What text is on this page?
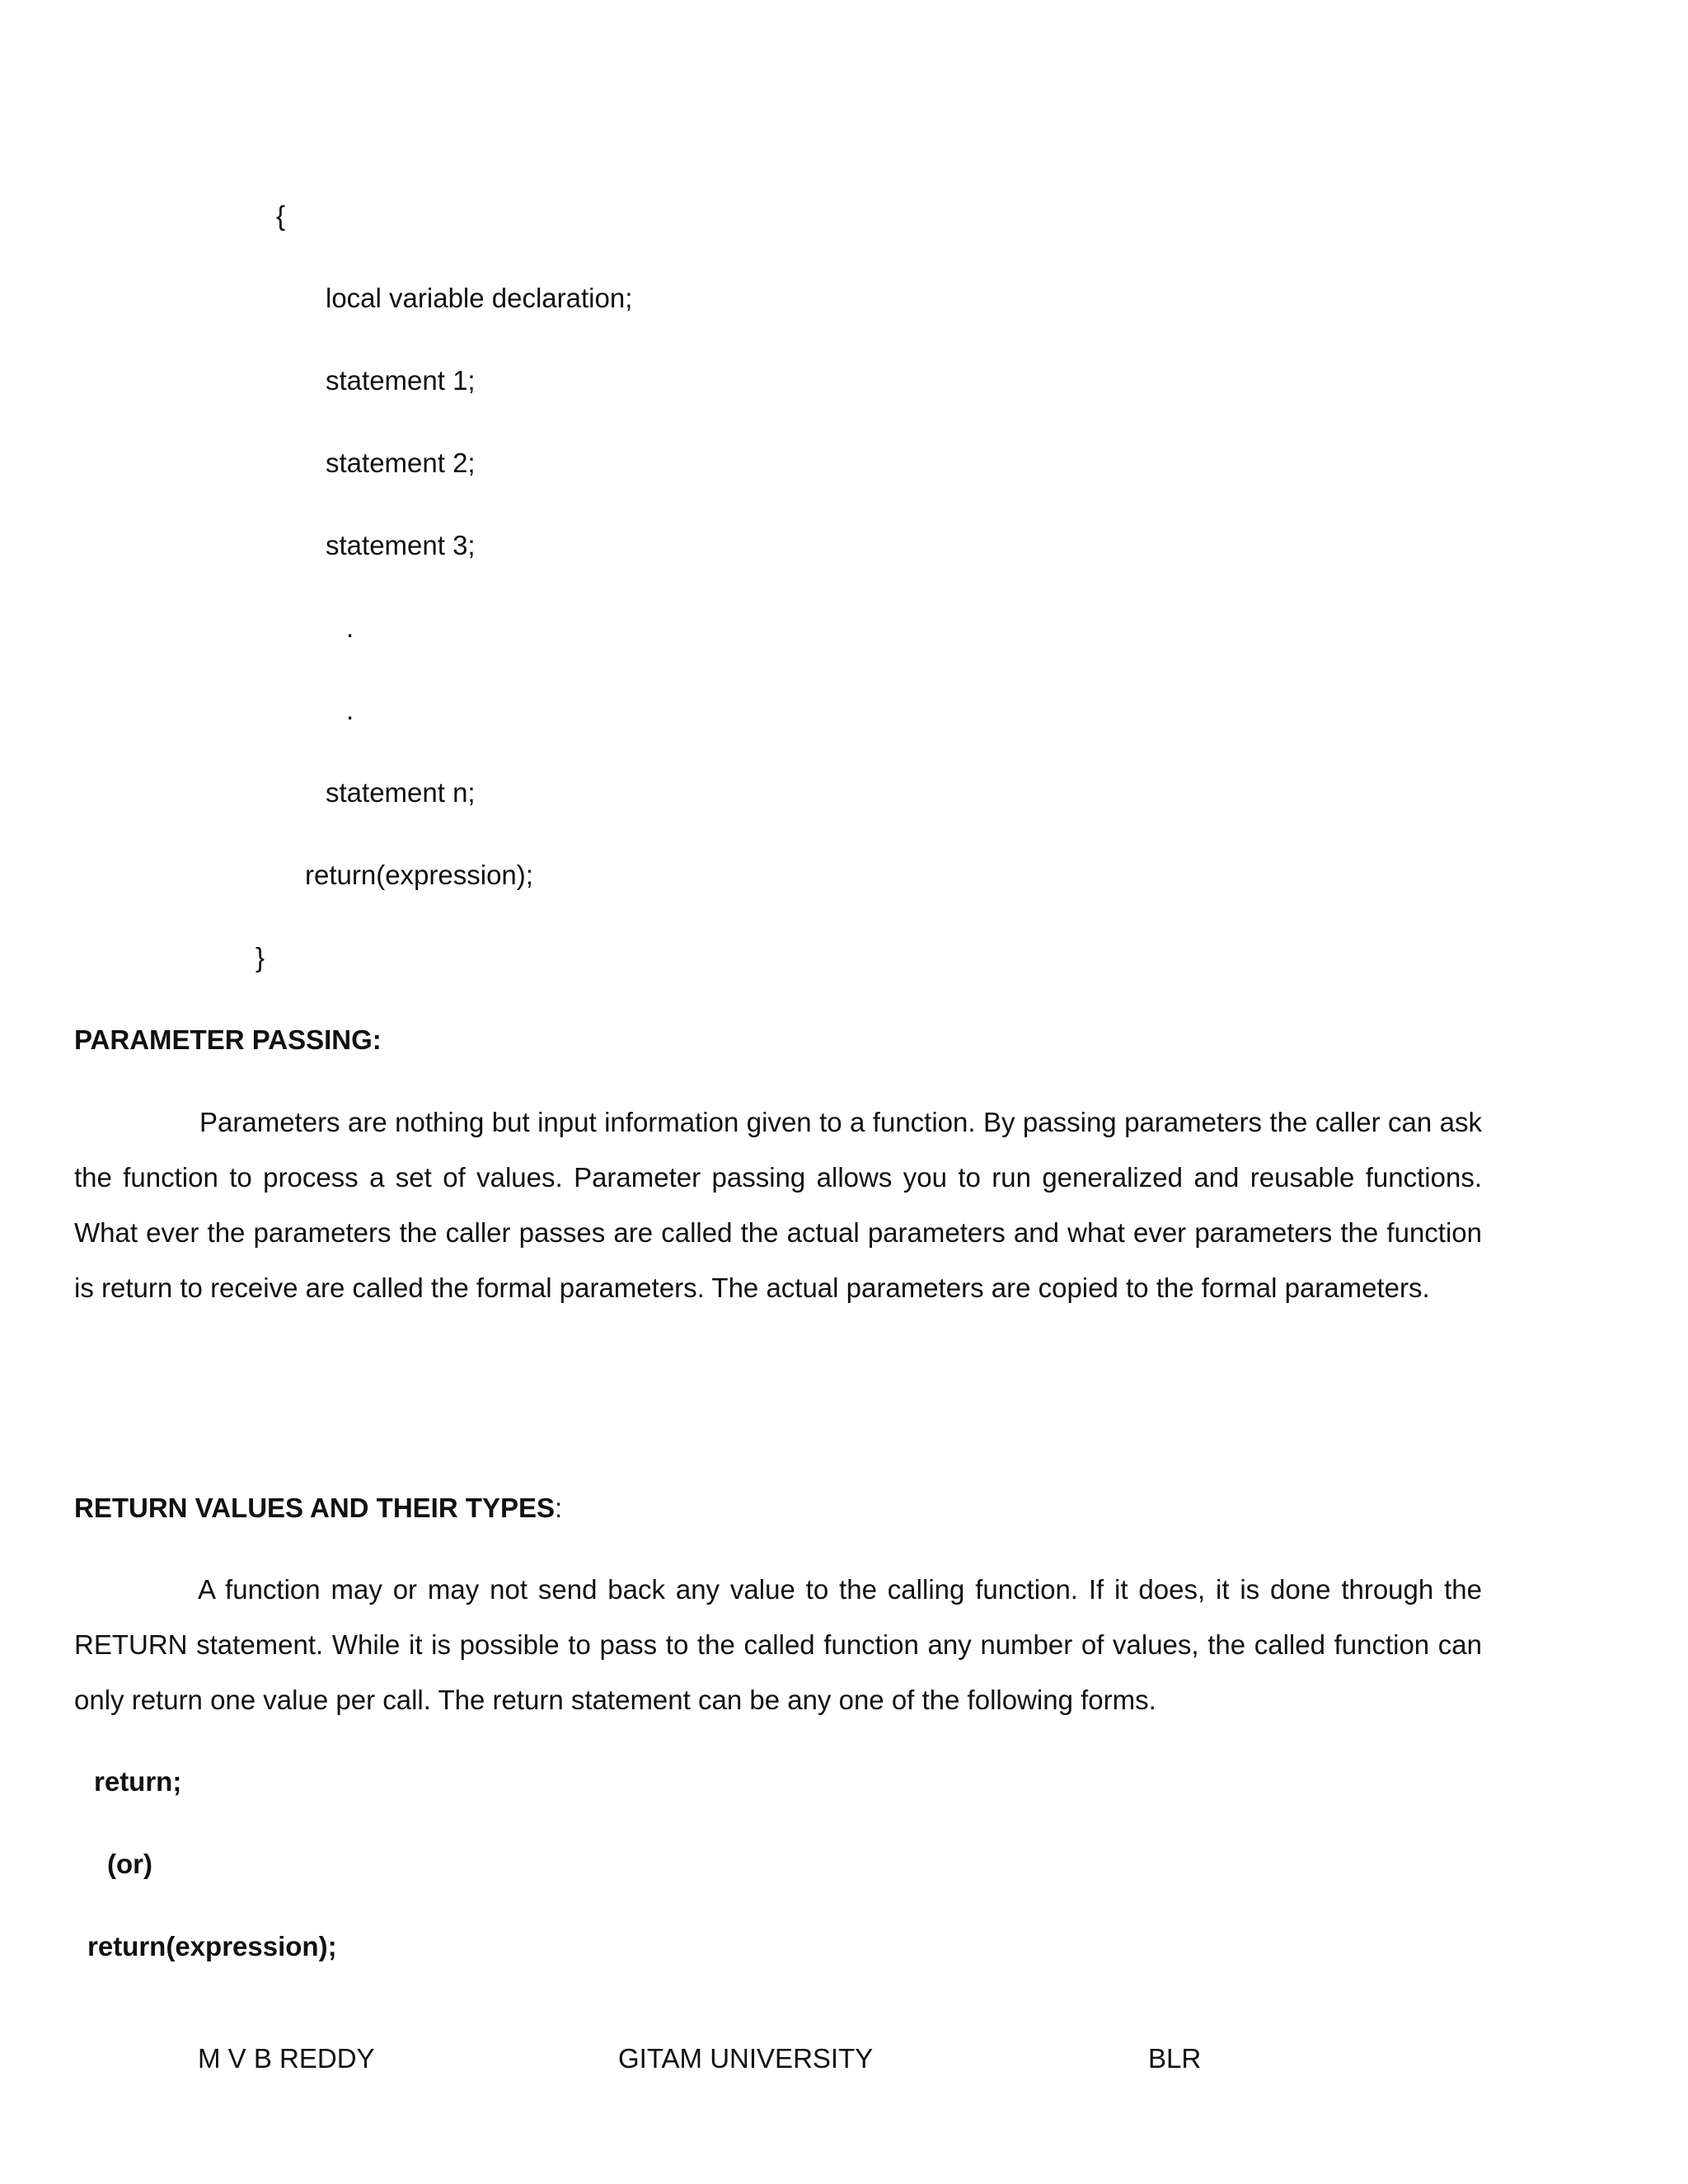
{
local variable declaration;
statement 1;
statement 2;
statement 3;
.
.
statement n;
return(expression);
}
PARAMETER PASSING:
Parameters are nothing but input information given to a function. By passing parameters the caller can ask the function to process a set of values. Parameter passing allows you to run generalized and reusable functions. What ever the parameters the caller passes are called the actual parameters and what ever parameters the function is return to receive are called the formal parameters. The actual parameters are copied to the formal parameters.
RETURN VALUES AND THEIR TYPES:
A function may or may not send back any value to the calling function. If it does, it is done through the RETURN statement. While it is possible to pass to the called function any number of values, the called function can only return one value per call. The return statement can be any one of the following forms.
return;
(or)
return(expression);
M V B REDDY	GITAM UNIVERSITY	BLR
